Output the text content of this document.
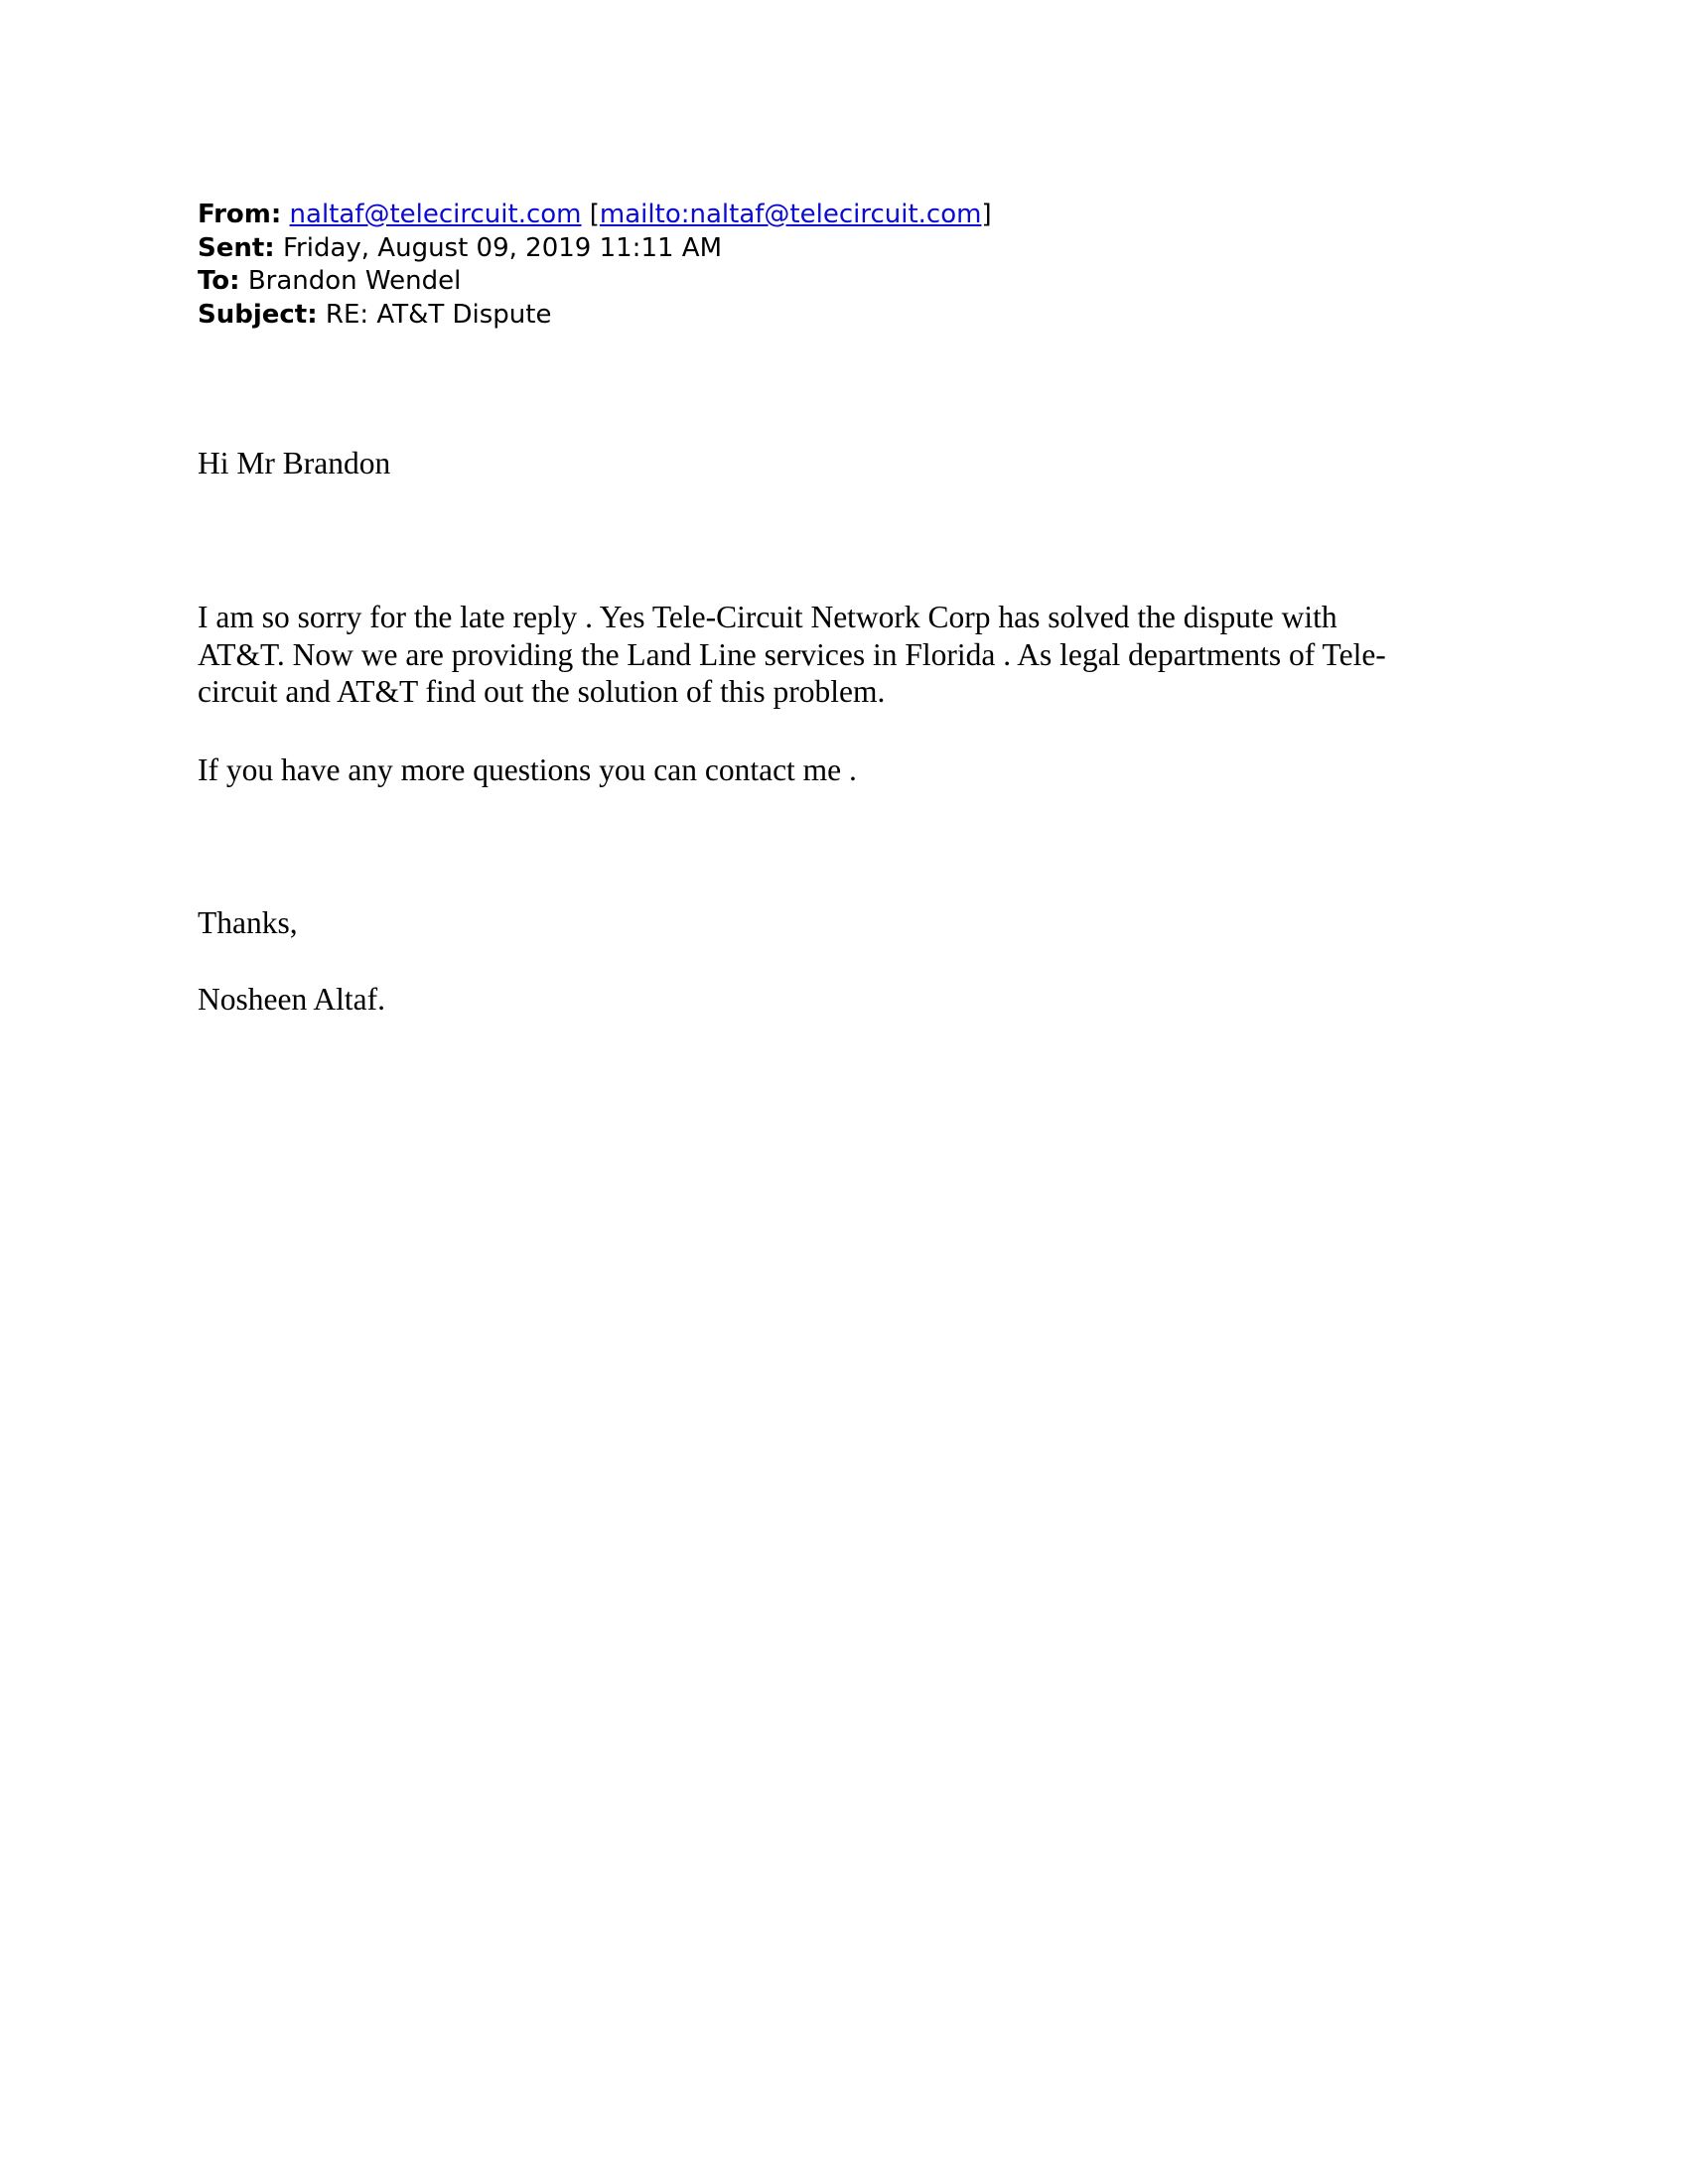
From: naltaf@telecircuit.com [mailto:naltaf@telecircuit.com]
Sent: Friday, August 09, 2019 11:11 AM
To: Brandon Wendel
Subject: RE: AT&T Dispute
Hi Mr Brandon
I am so sorry for the late reply . Yes Tele-Circuit Network Corp has solved the dispute with
AT&T. Now we are providing the Land Line services in Florida . As legal departments of Tele-
circuit and AT&T find out the solution of this problem.
If you have any more questions you can contact me .
Thanks,
Nosheen Altaf.
